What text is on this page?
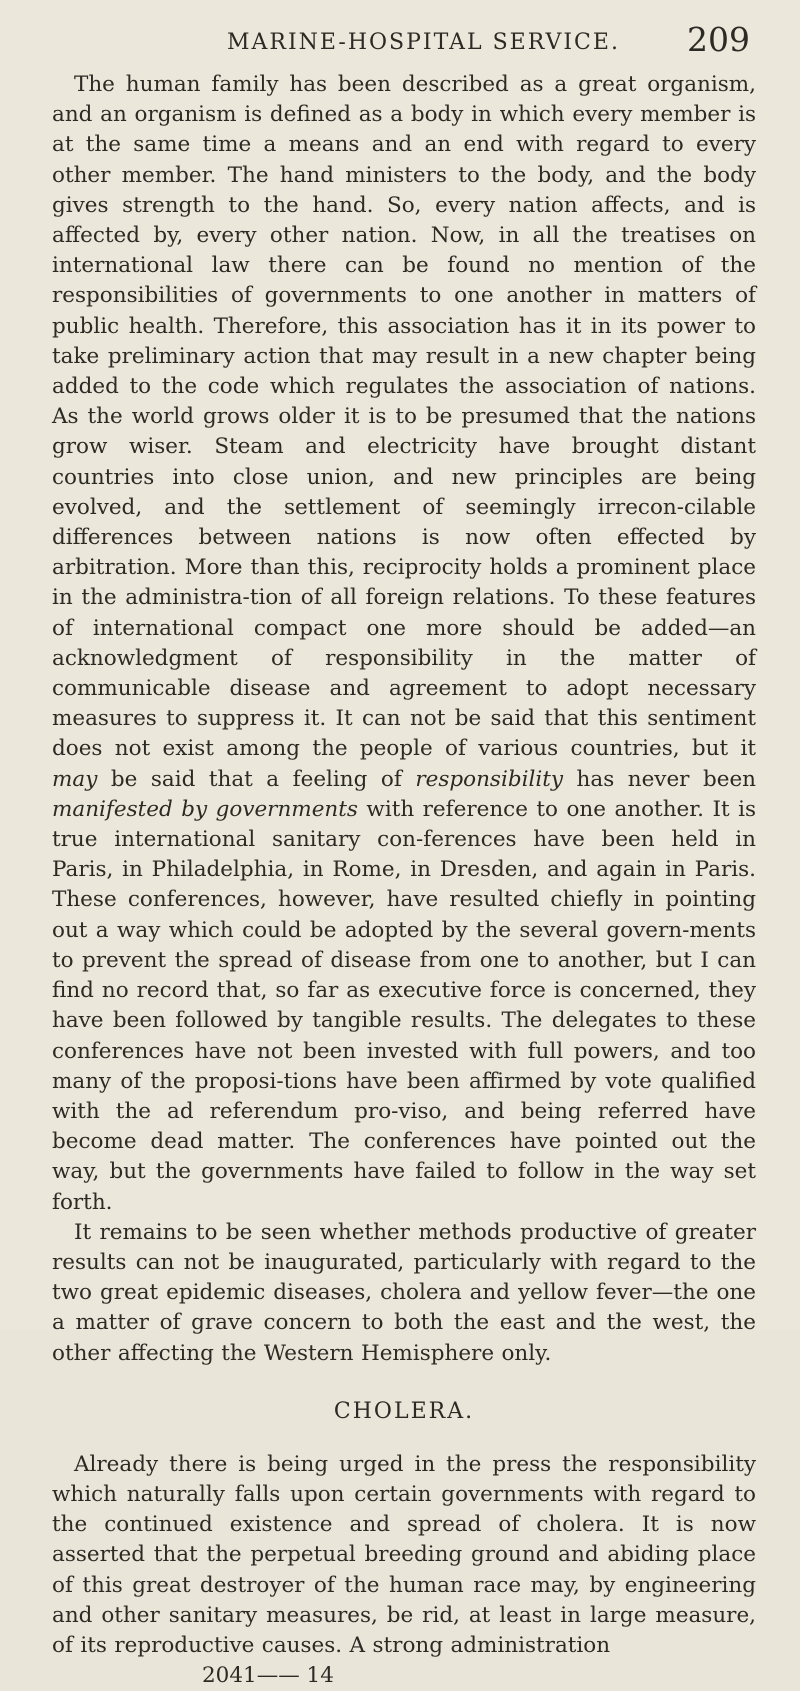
MARINE-HOSPITAL SERVICE. 209

The human family has been described as a great organism, and an organism is defined as a body in which every member is at the same time a means and an end with regard to every other member. The hand ministers to the body, and the body gives strength to the hand. So, every nation affects, and is affected by, every other nation. Now, in all the treatises on international law there can be found no mention of the responsibilities of governments to one another in matters of public health. Therefore, this association has it in its power to take preliminary action that may result in a new chapter being added to the code which regulates the association of nations. As the world grows older it is to be presumed that the nations grow wiser. Steam and electricity have brought distant countries into close union, and new principles are being evolved, and the settlement of seemingly irrecon-cilable differences between nations is now often effected by arbitration. More than this, reciprocity holds a prominent place in the administra-tion of all foreign relations. To these features of international compact one more should be added—an acknowledgment of responsibility in the matter of communicable disease and agreement to adopt necessary measures to suppress it. It can not be said that this sentiment does not exist among the people of various countries, but it may be said that a feeling of responsibility has never been manifested by governments with reference to one another. It is true international sanitary con-ferences have been held in Paris, in Philadelphia, in Rome, in Dresden, and again in Paris. These conferences, however, have resulted chiefly in pointing out a way which could be adopted by the several govern-ments to prevent the spread of disease from one to another, but I can find no record that, so far as executive force is concerned, they have been followed by tangible results. The delegates to these conferences have not been invested with full powers, and too many of the proposi-tions have been affirmed by vote qualified with the ad referendum pro-viso, and being referred have become dead matter. The conferences have pointed out the way, but the governments have failed to follow in the way set forth.

It remains to be seen whether methods productive of greater results can not be inaugurated, particularly with regard to the two great epidemic diseases, cholera and yellow fever—the one a matter of grave concern to both the east and the west, the other affecting the Western Hemisphere only.

CHOLERA.

Already there is being urged in the press the responsibility which naturally falls upon certain governments with regard to the continued existence and spread of cholera. It is now asserted that the perpetual breeding ground and abiding place of this great destroyer of the human race may, by engineering and other sanitary measures, be rid, at least in large measure, of its reproductive causes. A strong administration

2041—— 14
